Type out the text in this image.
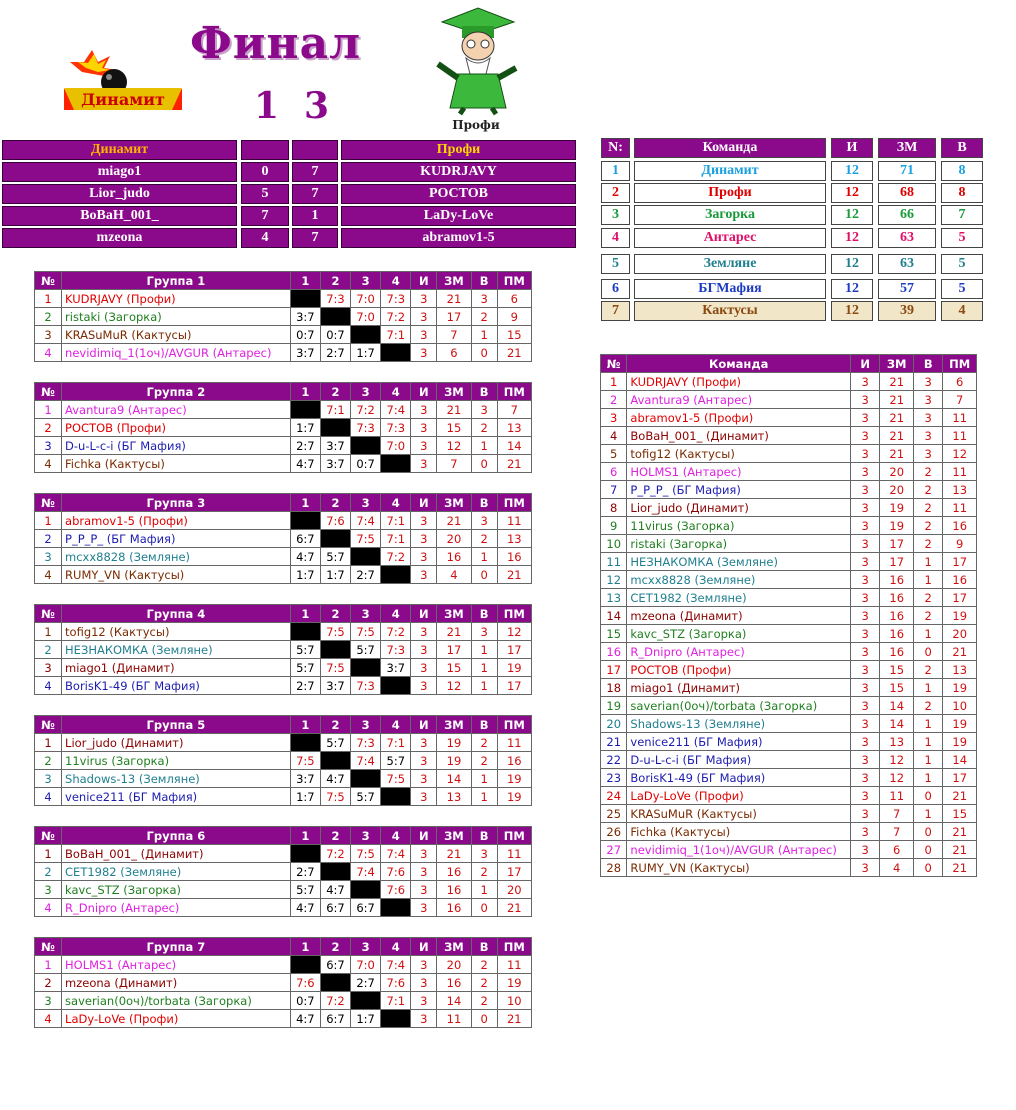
Динамит
Финал
1 3	Профи
Динамит	Профи
miago1	0	7	KUDRJAVY
Lior_judo	5	7	РОСТОВ
BoBaH_001_	7	1	LaDy-LoVe
mzeona	4	7	abramov1-5
N:	Команда	И	ЗМ	В
1	Динамит	12	71	8
2	Профи	12	68	8
3	Загорка	12	66	7
4	Антарес	12	63	5
5	Земляне	12	63	5
6	БГМафия	12	57	5
7	Кактусы	12	39	4
№	Группа 1	1	2	3	4	И	ЗМ	В	ПМ
1	KUDRJAVY (Профи)		7:3	7:0	7:3	3	21	3	6
2	ristaki (Загорка)	3:7		7:0	7:2	3	17	2	9
3	KRASuMuR (Кактусы)	0:7	0:7		7:1	3	7	1	15
4	nevidimiq_1(1оч)/AVGUR (Антарес)	3:7	2:7	1:7		3	6	0	21
№	Группа 2	1	2	3	4	И	ЗМ	В	ПМ
1	Avantura9 (Антарес)		7:1	7:2	7:4	3	21	3	7
2	РОСТОВ (Профи)	1:7		7:3	7:3	3	15	2	13
3	D-u-L-c-i (БГ Мафия)	2:7	3:7		7:0	3	12	1	14
4	Fichka (Кактусы)	4:7	3:7	0:7		3	7	0	21
№	Группа 3	1	2	3	4	И	ЗМ	В	ПМ
1	abramov1-5 (Профи)		7:6	7:4	7:1	3	21	3	11
2	P_P_P_ (БГ Мафия)	6:7		7:5	7:1	3	20	2	13
3	mcxx8828 (Земляне)	4:7	5:7		7:2	3	16	1	16
4	RUMY_VN (Кактусы)	1:7	1:7	2:7		3	4	0	21
№	Группа 4	1	2	3	4	И	ЗМ	В	ПМ
1	tofig12 (Кактусы)		7:5	7:5	7:2	3	21	3	12
2	НЕЗНАКОМКА (Земляне)	5:7		5:7	7:3	3	17	1	17
3	miago1 (Динамит)	5:7	7:5		3:7	3	15	1	19
4	BorisK1-49 (БГ Мафия)	2:7	3:7	7:3		3	12	1	17
№	Группа 5	1	2	3	4	И	ЗМ	В	ПМ
1	Lior_judo (Динамит)		5:7	7:3	7:1	3	19	2	11
2	11virus (Загорка)	7:5		7:4	5:7	3	19	2	16
3	Shadows-13 (Земляне)	3:7	4:7		7:5	3	14	1	19
4	venice211 (БГ Мафия)	1:7	7:5	5:7		3	13	1	19
№	Группа 6	1	2	3	4	И	ЗМ	В	ПМ
1	BoBaH_001_ (Динамит)		7:2	7:5	7:4	3	21	3	11
2	CET1982 (Земляне)	2:7		7:4	7:6	3	16	2	17
3	kavc_STZ (Загорка)	5:7	4:7		7:6	3	16	1	20
4	R_Dnipro (Антарес)	4:7	6:7	6:7		3	16	0	21
№	Группа 7	1	2	3	4	И	ЗМ	В	ПМ
1	HOLMS1 (Антарес)		6:7	7:0	7:4	3	20	2	11
2	mzeona (Динамит)	7:6		2:7	7:6	3	16	2	19
3	saverian(0оч)/torbata (Загорка)	0:7	7:2		7:1	3	14	2	10
4	LaDy-LoVe (Профи)	4:7	6:7	1:7		3	11	0	21
№	Команда	И	ЗМ	В	ПМ
1	KUDRJAVY (Профи)	3	21	3	6
2	Avantura9 (Антарес)	3	21	3	7
3	abramov1-5 (Профи)	3	21	3	11
4	BoBaH_001_ (Динамит)	3	21	3	11
5	tofig12 (Кактусы)	3	21	3	12
6	HOLMS1 (Антарес)	3	20	2	11
7	P_P_P_ (БГ Мафия)	3	20	2	13
8	Lior_judo (Динамит)	3	19	2	11
9	11virus (Загорка)	3	19	2	16
10	ristaki (Загорка)	3	17	2	9
11	НЕЗНАКОМКА (Земляне)	3	17	1	17
12	mcxx8828 (Земляне)	3	16	1	16
13	CET1982 (Земляне)	3	16	2	17
14	mzeona (Динамит)	3	16	2	19
15	kavc_STZ (Загорка)	3	16	1	20
16	R_Dnipro (Антарес)	3	16	0	21
17	РОСТОВ (Профи)	3	15	2	13
18	miago1 (Динамит)	3	15	1	19
19	saverian(0оч)/torbata (Загорка)	3	14	2	10
20	Shadows-13 (Земляне)	3	14	1	19
21	venice211 (БГ Мафия)	3	13	1	19
22	D-u-L-c-i (БГ Мафия)	3	12	1	14
23	BorisK1-49 (БГ Мафия)	3	12	1	17
24	LaDy-LoVe (Профи)	3	11	0	21
25	KRASuMuR (Кактусы)	3	7	1	15
26	Fichka (Кактусы)	3	7	0	21
27	nevidimiq_1(1оч)/AVGUR (Антарес)	3	6	0	21
28	RUMY_VN (Кактусы)	3	4	0	21
